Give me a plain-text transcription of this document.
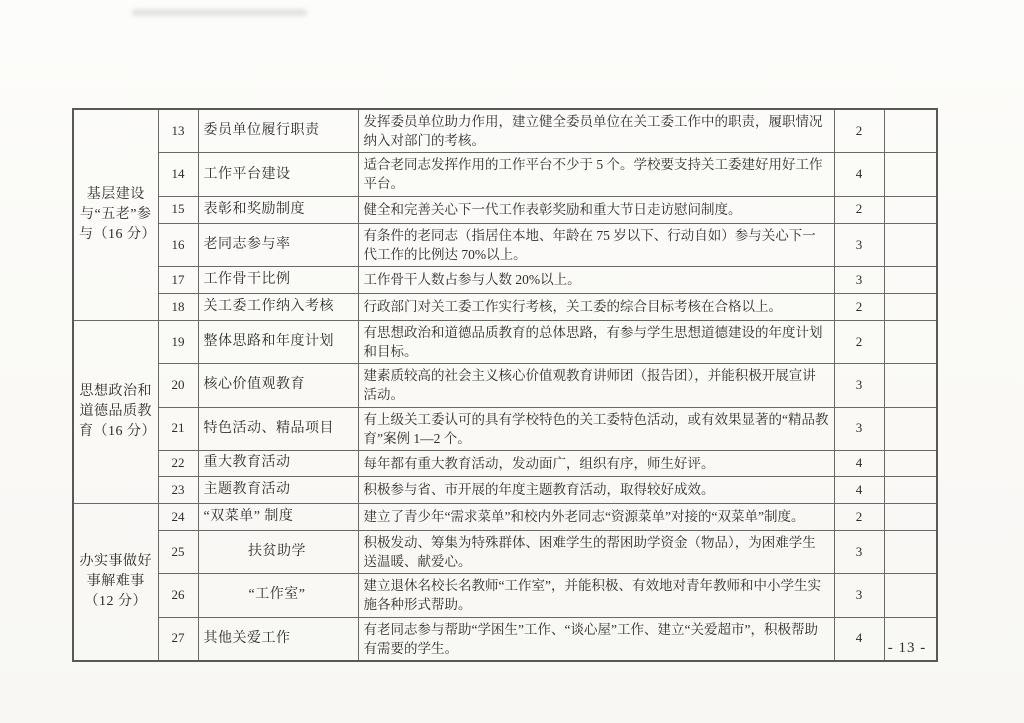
基层建设与“五老”参与（16 分）	13	委员单位履行职责	发挥委员单位助力作用，建立健全委员单位在关工委工作中的职责，履职情况纳入对部门的考核。	2	
	14	工作平台建设	适合老同志发挥作用的工作平台不少于 5 个。学校要支持关工委建好用好工作平台。	4	
	15	表彰和奖励制度	健全和完善关心下一代工作表彰奖励和重大节日走访慰问制度。	2	
	16	老同志参与率	有条件的老同志（指居住本地、年龄在 75 岁以下、行动自如）参与关心下一代工作的比例达 70%以上。	3	
	17	工作骨干比例	工作骨干人数占参与人数 20%以上。	3	
	18	关工委工作纳入考核	行政部门对关工委工作实行考核，关工委的综合目标考核在合格以上。	2	
思想政治和道德品质教育（16 分）	19	整体思路和年度计划	有思想政治和道德品质教育的总体思路，有参与学生思想道德建设的年度计划和目标。	2	
	20	核心价值观教育	建素质较高的社会主义核心价值观教育讲师团（报告团），并能积极开展宣讲活动。	3	
	21	特色活动、精品项目	有上级关工委认可的具有学校特色的关工委特色活动，或有效果显著的“精品教育”案例 1—2 个。	3	
	22	重大教育活动	每年都有重大教育活动，发动面广，组织有序，师生好评。	4	
	23	主题教育活动	积极参与省、市开展的年度主题教育活动，取得较好成效。	4	
办实事做好事解难事（12 分）	24	“双菜单” 制度	建立了青少年“需求菜单”和校内外老同志“资源菜单”对接的“双菜单”制度。	2	
	25	扶贫助学	积极发动、筹集为特殊群体、困难学生的帮困助学资金（物品），为困难学生送温暖、献爱心。	3	
	26	“工作室”	建立退休名校长名教师“工作室”，并能积极、有效地对青年教师和中小学生实施各种形式帮助。	3	
	27	其他关爱工作	有老同志参与帮助“学困生”工作、“谈心屋”工作、建立“关爱超市”，积极帮助有需要的学生。	4	
- 13 -
